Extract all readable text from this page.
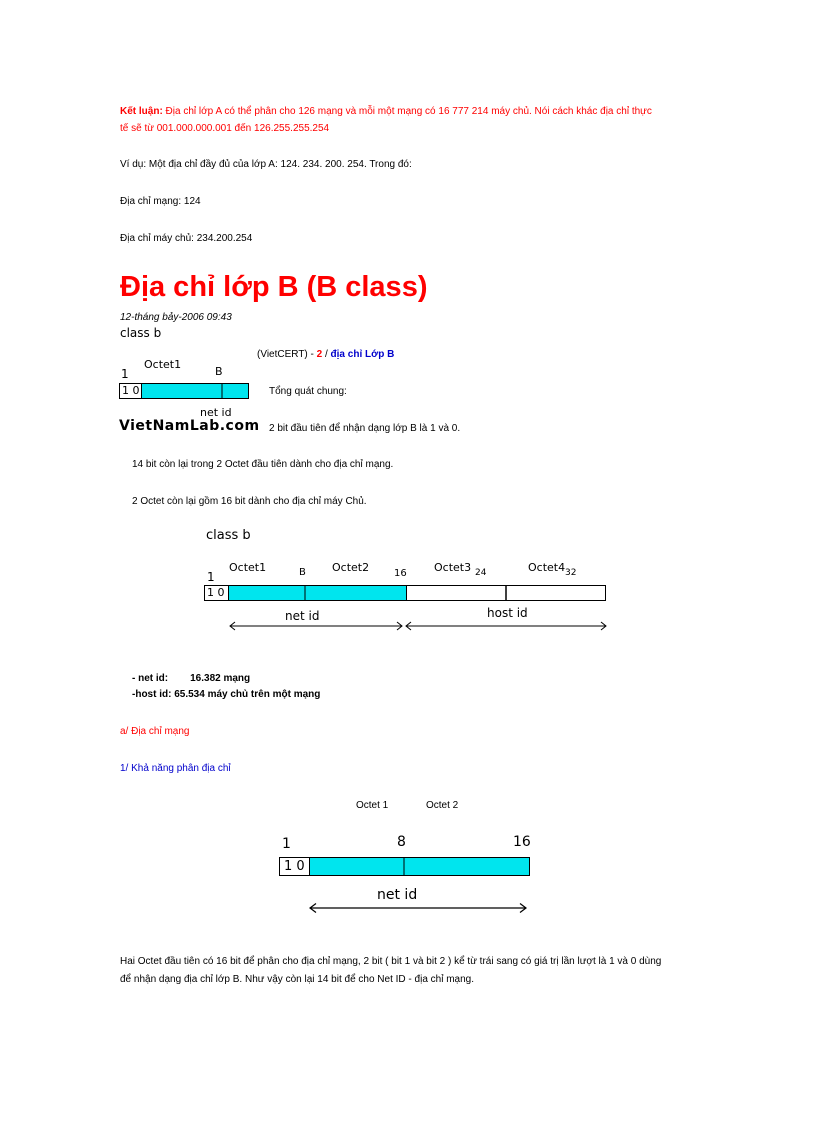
Kết luận: Địa chỉ lớp A có thể phân cho 126 mạng và mỗi một mạng có 16 777 214 máy chủ. Nói cách khác địa chỉ thực
tế sẽ từ 001.000.000.001 đến 126.255.255.254
Ví dụ: Một địa chỉ đầy đủ của lớp A: 124. 234. 200. 254. Trong đó:
Địa chỉ mạng: 124
Địa chỉ máy chủ: 234.200.254
Địa chỉ lớp B (B class)
12-tháng bảy-2006 09:43
class b
Octet1
1	B
1 0
net id
VietNamLab.com
(VietCERT) - 2 / địa chỉ Lớp B
Tổng quát chung:
2 bit đầu tiên để nhận dạng lớp B là 1 và 0.
14 bit còn lại trong 2 Octet đầu tiên dành cho địa chỉ mạng.
2 Octet còn lại gồm 16 bit dành cho địa chỉ máy Chủ.
class b
Octet1	Octet2	Octet3	Octet4
1	B	16	24	32
1 0
net id	host id
- net id: 16.382 mạng
-host id: 65.534 máy chủ trên một mạng
a/ Địa chỉ mạng
1/ Khả năng phân địa chỉ
Octet 1	Octet 2
1	8	16
1 0
net id
Hai Octet đầu tiên có 16 bit để phân cho địa chỉ mạng, 2 bit ( bit 1 và bit 2 ) kể từ trái sang có giá trị lần lượt là 1 và 0 dùng
để nhận dạng địa chỉ lớp B. Như vậy còn lại 14 bit để cho Net ID - địa chỉ mạng.
